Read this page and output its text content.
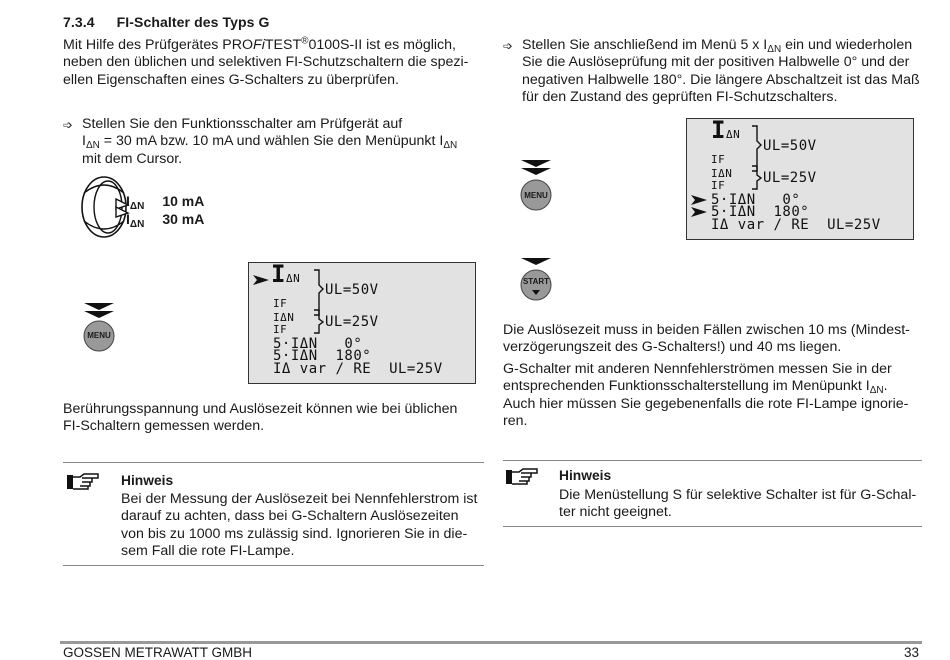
7.3.4 FI-Schalter des Typs G
Mit Hilfe des Prüfgerätes PROFiTEST®0100S-II ist es möglich,
neben den üblichen und selektiven FI-Schutzschaltern die spezi-
ellen Eigenschaften eines G-Schalters zu überprüfen.
➩ Stellen Sie den Funktionsschalter am Prüfgerät auf
$I_{\Delta N} = 30$ mA bzw. 10 mA und wählen Sie den Menüpunkt $I_{\Delta N}$
mit dem Cursor.
$I_{\Delta N}$ 10 mA
$I_{\Delta N}$ 30 mA
MENU
IΔN
UL=50V
IF
IΔN
IF	UL=25V
5·IΔN   0°
5·IΔN  180°
IΔ var / RE  UL=25V
Berührungsspannung und Auslösezeit können wie bei üblichen
FI-Schaltern gemessen werden.
Hinweis
Bei der Messung der Auslösezeit bei Nennfehlerstrom ist
darauf zu achten, dass bei G-Schaltern Auslösezeiten
von bis zu 1000 ms zulässig sind. Ignorieren Sie in die-
sem Fall die rote FI-Lampe.
➩ Stellen Sie anschließend im Menü 5 x $I_{\Delta N}$ ein und wiederholen
Sie die Auslöseprüfung mit der positiven Halbwelle 0° und der
negativen Halbwelle 180°. Die längere Abschaltzeit ist das Maß
für den Zustand des geprüften FI-Schutzschalters.
IΔN
UL=50V
IF
IΔN
IF	UL=25V
5·IΔN   0°
5·IΔN  180°
IΔ var / RE  UL=25V
MENU
START
Die Auslösezeit muss in beiden Fällen zwischen 10 ms (Mindest-
verzögerungszeit des G-Schalters!) und 40 ms liegen.
G-Schalter mit anderen Nennfehlerströmen messen Sie in der
entsprechenden Funktionsschalterstellung im Menüpunkt $I_{\Delta N}$.
Auch hier müssen Sie gegebenenfalls die rote FI-Lampe ignorie-
ren.
Hinweis
Die Menüstellung S für selektive Schalter ist für G-Schal-
ter nicht geeignet.
GOSSEN METRAWATT GMBH	33
